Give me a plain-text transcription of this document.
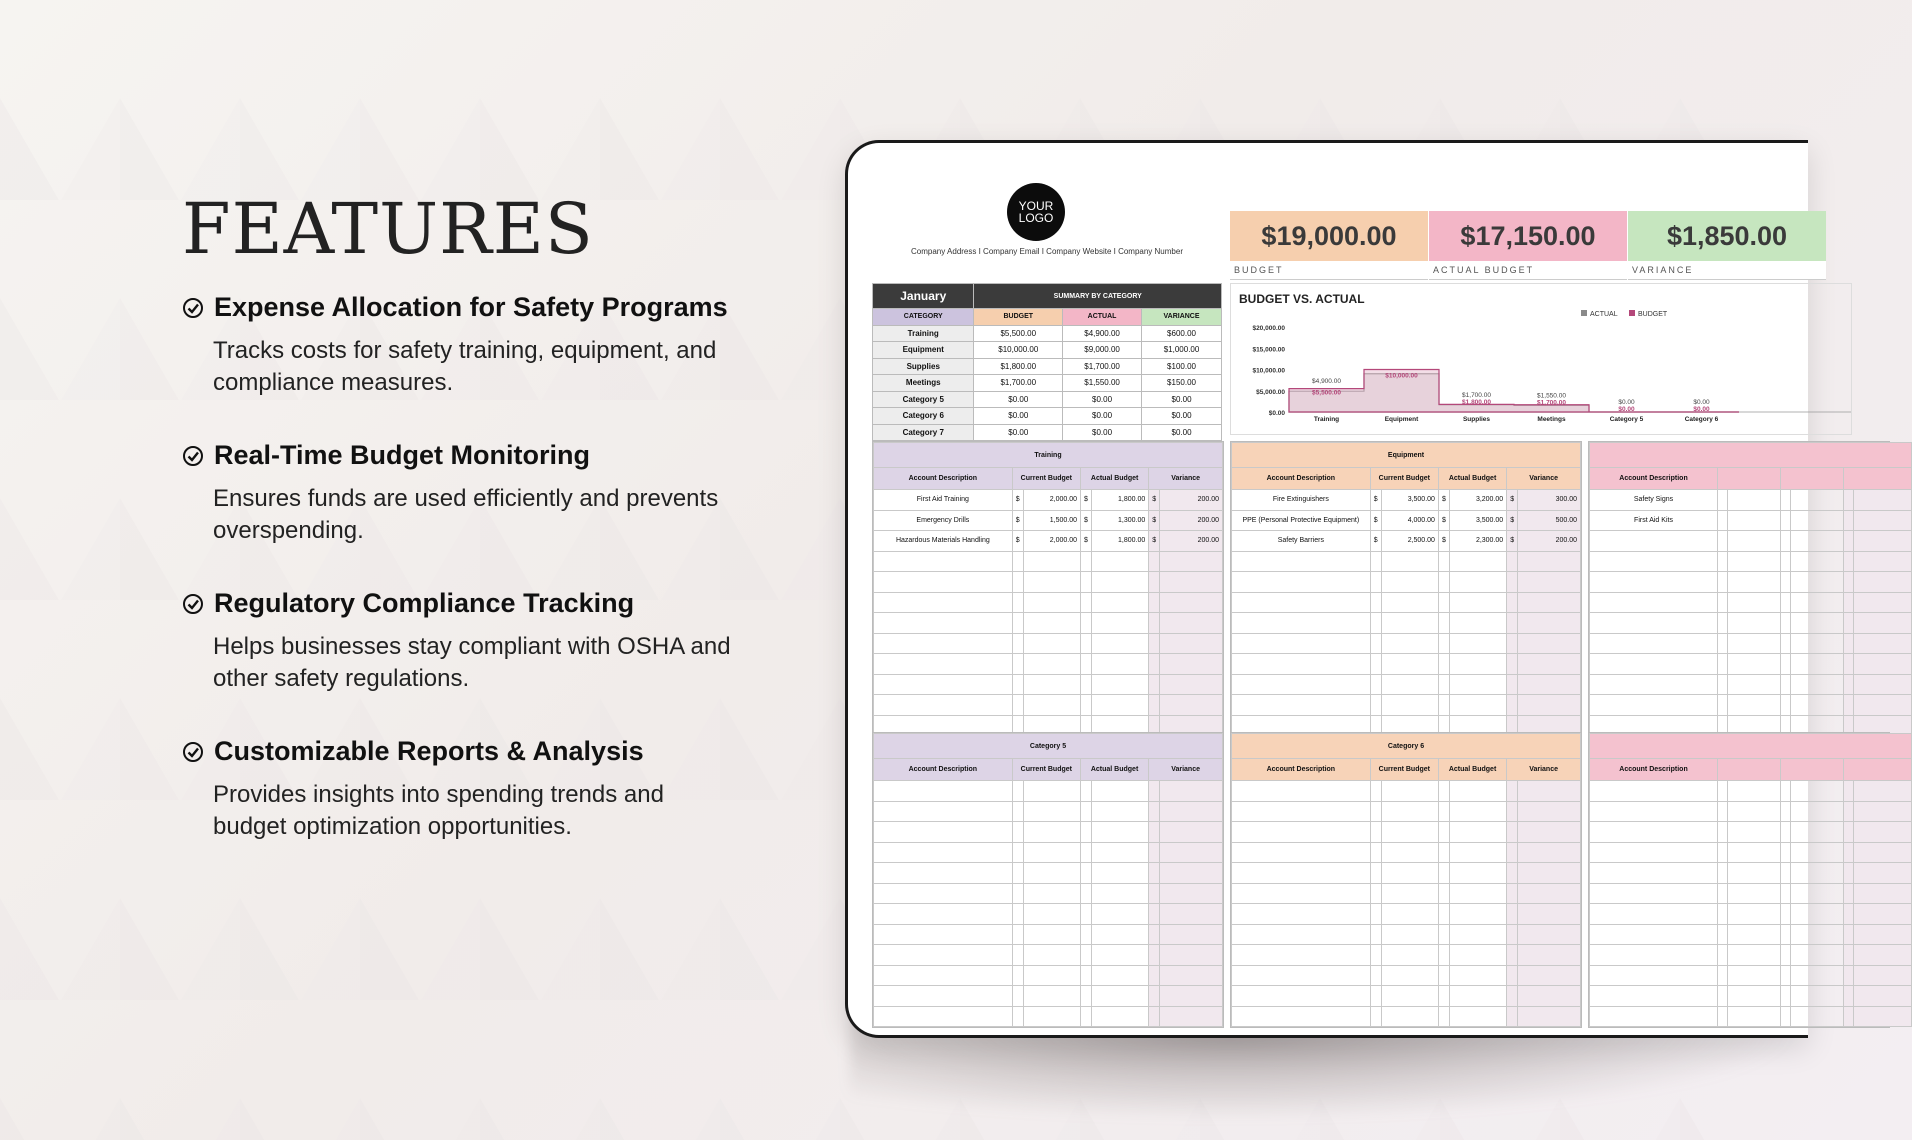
FEATURES
Expense Allocation for Safety Programs
Tracks costs for safety training, equipment, and compliance measures.
Real-Time Budget Monitoring
Ensures funds are used efficiently and prevents overspending.
Regulatory Compliance Tracking
Helps businesses stay compliant with OSHA and other safety regulations.
Customizable Reports & Analysis
Provides insights into spending trends and budget optimization opportunities.
YOUR
LOGO
Company Address I Company Email I Company Website I Company Number
$19,000.00
BUDGET
$17,150.00
ACTUAL BUDGET
$1,850.00
VARIANCE
January	SUMMARY BY CATEGORY		
CATEGORY	BUDGET	ACTUAL	VARIANCE
Training	$5,500.00	$4,900.00	$600.00
Equipment	$10,000.00	$9,000.00	$1,000.00
Supplies	$1,800.00	$1,700.00	$100.00
Meetings	$1,700.00	$1,550.00	$150.00
Category 5	$0.00	$0.00	$0.00
Category 6	$0.00	$0.00	$0.00
Category 7	$0.00	$0.00	$0.00

BUDGET VS. ACTUAL
$0.00
$5,000.00
$10,000.00
$15,000.00
$20,000.00
$4,900.00
$1,700.00	$1,550.00
$0.00	$0.00
$5,500.00
$10,000.00
$1,800.00	$1,700.00
$0.00	$0.00
Training	Equipment	Supplies	Meetings	Category 5	Category 6
ACTUAL	BUDGET
Training						
Account Description	Current Budget		Actual Budget		Variance	
First Aid Training	$	2,000.00	$	1,800.00	$	200.00
Emergency Drills	$	1,500.00	$	1,300.00	$	200.00
Hazardous Materials Handling	$	2,000.00	$	1,800.00	$	200.00

Equipment						
Account Description	Current Budget		Actual Budget		Variance	
Fire Extinguishers	$	3,500.00	$	3,200.00	$	300.00
PPE (Personal Protective Equipment)	$	4,000.00	$	3,500.00	$	500.00
Safety Barriers	$	2,500.00	$	2,300.00	$	200.00

Account Description						
Safety Signs						
First Aid Kits						

Category 5						
Account Description	Current Budget		Actual Budget		Variance	

Category 6						
Account Description	Current Budget		Actual Budget		Variance	

							Account Description						
